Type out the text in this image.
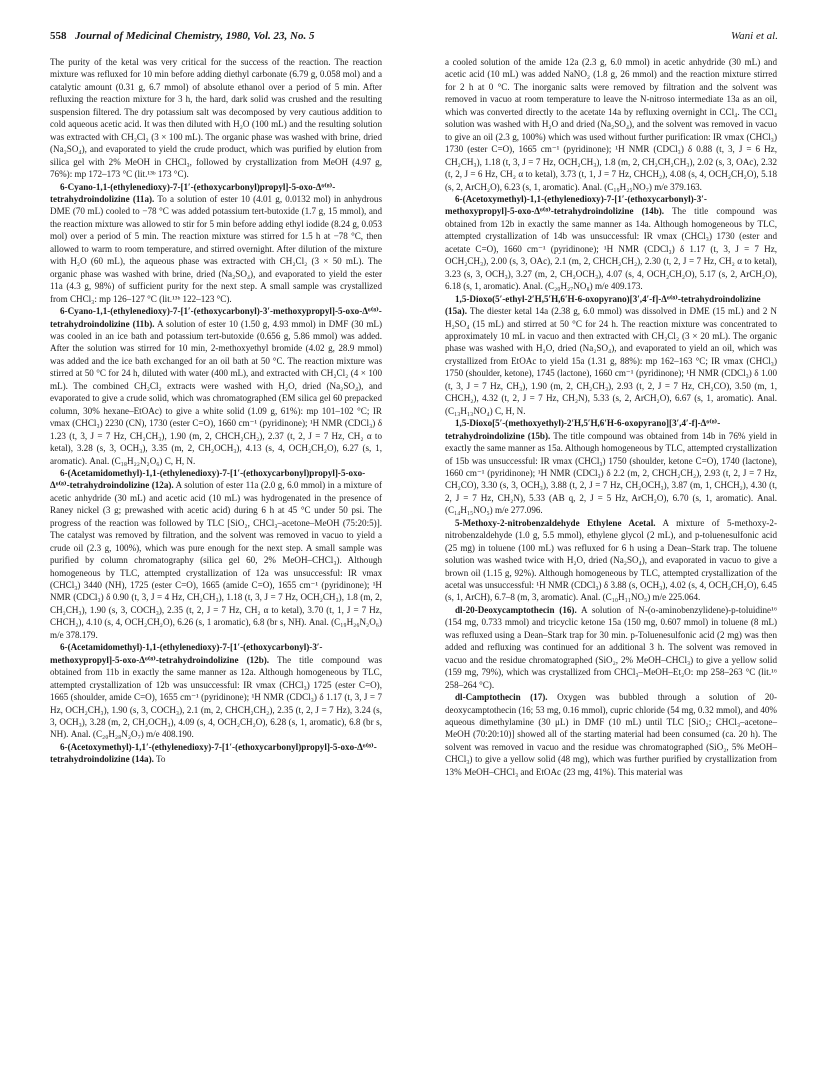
558 Journal of Medicinal Chemistry, 1980, Vol. 23, No. 5	Wani et al.

The purity of the ketal was very critical for the success of the reaction. The reaction mixture was refluxed for 10 min before adding diethyl carbonate (6.79 g, 0.058 mol) and a catalytic amount (0.31 g, 6.7 mmol) of absolute ethanol over a period of 5 min. After refluxing the reaction mixture for 3 h, the hard, dark solid was crushed and the resulting suspension filtered. The dry potassium salt was decomposed by very cautious addition to cold aqueous acetic acid. It was then diluted with H₂O (100 mL) and the resulting solution was extracted with CH₂Cl₂ (3 × 100 mL). The organic phase was washed with brine, dried (Na₂SO₄), and evaporated to yield the crude product, which was purified by elution from silica gel with 2% MeOH in CHCl₃, followed by crystallization from MeOH (4.97 g, 76%): mp 172–173 °C (lit.¹³ᵇ 173 °C).

6-Cyano-1,1-(ethylenedioxy)-7-[1′-(ethoxycarbonyl)propyl]-5-oxo-Δ⁶⁽⁸⁾-tetrahydroindolizine (11a). To a solution of ester 10 (4.01 g, 0.0132 mol) in anhydrous DME (70 mL) cooled to −78 °C was added potassium tert-butoxide (1.7 g, 15 mmol), and the reaction mixture was allowed to stir for 5 min before adding ethyl iodide (8.24 g, 0.053 mol) over a period of 5 min. The reaction mixture was stirred for 1.5 h at −78 °C, then allowed to warm to room temperature, and stirred overnight. After dilution of the mixture with H₂O (60 mL), the aqueous phase was extracted with CH₂Cl₂ (3 × 50 mL). The organic phase was washed with brine, dried (Na₂SO₄), and evaporated to yield the ester 11a (4.3 g, 98%) of sufficient purity for the next step. A small sample was crystallized from CHCl₃: mp 126–127 °C (lit.¹³ᵇ 122–123 °C).

6-Cyano-1,1-(ethylenedioxy)-7-[1′-(ethoxycarbonyl)-3′-methoxypropyl]-5-oxo-Δ⁶⁽⁸⁾-tetrahydroindolizine (11b). A solution of ester 10 (1.50 g, 4.93 mmol) in DMF (30 mL) was cooled in an ice bath and potassium tert-butoxide (0.656 g, 5.86 mmol) was added. After the solution was stirred for 10 min, 2-methoxyethyl bromide (4.02 g, 28.9 mmol) was added and the ice bath exchanged for an oil bath at 50 °C. The reaction mixture was stirred at 50 °C for 24 h, diluted with water (400 mL), and extracted with CH₂Cl₂ (4 × 100 mL). The combined CH₂Cl₂ extracts were washed with H₂O, dried (Na₂SO₄), and evaporated to give a crude solid, which was chromatographed (EM silica gel 60 prepacked column, 30% hexane–EtOAc) to give a white solid (1.09 g, 61%): mp 101–102 °C; IR νmax (CHCl₃) 2230 (CN), 1730 (ester C=O), 1660 cm⁻¹ (pyridinone); ¹H NMR (CDCl₃) δ 1.23 (t, 3, J = 7 Hz, CH₂CH₃), 1.90 (m, 2, CHCH₂CH₂), 2.37 (t, 2, J = 7 Hz, CH₂ α to ketal), 3.28 (s, 3, OCH₃), 3.35 (m, 2, CH₂OCH₃), 4.13 (s, 4, OCH₂CH₂O), 6.27 (s, 1, aromatic). Anal. (C₁₈H₂₂N₂O₆) C, H, N.

6-(Acetamidomethyl)-1,1-(ethylenedioxy)-7-[1′-(ethoxycarbonyl)propyl]-5-oxo-Δ⁶⁽⁸⁾-tetrahydroindolizine (12a). A solution of ester 11a (2.0 g, 6.0 mmol) in a mixture of acetic anhydride (30 mL) and acetic acid (10 mL) was hydrogenated in the presence of Raney nickel (3 g; prewashed with acetic acid) during 6 h at 45 °C under 50 psi. The progress of the reaction was followed by TLC [SiO₂, CHCl₃–acetone–MeOH (75:20:5)]. The catalyst was removed by filtration, and the solvent was removed in vacuo to yield a crude oil (2.3 g, 100%), which was pure enough for the next step. A small sample was purified by column chromatography (silica gel 60, 2% MeOH–CHCl₃). Although homogeneous by TLC, attempted crystallization of 12a was unsuccessful: IR νmax (CHCl₃) 3440 (NH), 1725 (ester C=O), 1665 (amide C=O), 1655 cm⁻¹ (pyridinone); ¹H NMR (CDCl₃) δ 0.90 (t, 3, J = 4 Hz, CH₂CH₃), 1.18 (t, 3, J = 7 Hz, OCH₂CH₃), 1.8 (m, 2, CH₂CH₃), 1.90 (s, 3, COCH₃), 2.35 (t, 2, J = 7 Hz, CH₂ α to ketal), 3.70 (t, 1, J = 7 Hz, CHCH₂), 4.10 (s, 4, OCH₂CH₂O), 6.26 (s, 1 aromatic), 6.8 (br s, NH). Anal. (C₁₉H₂₆N₂O₆) m/e 378.179.

6-(Acetamidomethyl)-1,1-(ethylenedioxy)-7-[1′-(ethoxycarbonyl)-3′-methoxypropyl]-5-oxo-Δ⁶⁽⁸⁾-tetrahydroindolizine (12b). The title compound was obtained from 11b in exactly the same manner as 12a. Although homogeneous by TLC, attempted crystallization of 12b was unsuccessful: IR νmax (CHCl₃) 1725 (ester C=O), 1665 (shoulder, amide C=O), 1655 cm⁻¹ (pyridinone); ¹H NMR (CDCl₃) δ 1.17 (t, 3, J = 7 Hz, OCH₂CH₃), 1.90 (s, 3, COCH₃), 2.1 (m, 2, CHCH₂CH₂), 2.35 (t, 2, J = 7 Hz), 3.24 (s, 3, OCH₃), 3.28 (m, 2, CH₂OCH₃), 4.09 (s, 4, OCH₂CH₂O), 6.28 (s, 1, aromatic), 6.8 (br s, NH). Anal. (C₂₀H₂₈N₂O₇) m/e 408.190.

6-(Acetoxymethyl)-1,1′-(ethylenedioxy)-7-[1′-(ethoxycarbonyl)propyl]-5-oxo-Δ⁶⁽⁸⁾-tetrahydroindolizine (14a). To

a cooled solution of the amide 12a (2.3 g, 6.0 mmol) in acetic anhydride (30 mL) and acetic acid (10 mL) was added NaNO₂ (1.8 g, 26 mmol) and the reaction mixture stirred for 2 h at 0 °C. The inorganic salts were removed by filtration and the solvent was removed in vacuo at room temperature to leave the N-nitroso intermediate 13a as an oil, which was converted directly to the acetate 14a by refluxing overnight in CCl₄. The CCl₄ solution was washed with H₂O and dried (Na₂SO₄), and the solvent was removed in vacuo to give an oil (2.3 g, 100%) which was used without further purification: IR νmax (CHCl₃) 1730 (ester C=O), 1665 cm⁻¹ (pyridinone); ¹H NMR (CDCl₃) δ 0.88 (t, 3, J = 6 Hz, CH₂CH₃), 1.18 (t, 3, J = 7 Hz, OCH₂CH₃), 1.8 (m, 2, CH₂CH₂CH₃), 2.02 (s, 3, OAc), 2.32 (t, 2, J = 6 Hz, CH₂ α to ketal), 3.73 (t, 1, J = 7 Hz, CHCH₂), 4.08 (s, 4, OCH₂CH₂O), 5.18 (s, 2, ArCH₂O), 6.23 (s, 1, aromatic). Anal. (C₁₉H₂₅NO₇) m/e 379.163.

6-(Acetoxymethyl)-1,1-(ethylenedioxy)-7-[1′-(ethoxycarbonyl)-3′-methoxypropyl]-5-oxo-Δ⁶⁽⁸⁾-tetrahydroindolizine (14b). The title compound was obtained from 12b in exactly the same manner as 14a. Although homogeneous by TLC, attempted crystallization of 14b was unsuccessful: IR νmax (CHCl₃) 1730 (ester and acetate C=O), 1660 cm⁻¹ (pyridinone); ¹H NMR (CDCl₃) δ 1.17 (t, 3, J = 7 Hz, OCH₂CH₃), 2.00 (s, 3, OAc), 2.1 (m, 2, CHCH₂CH₂), 2.30 (t, 2, J = 7 Hz, CH₂ α to ketal), 3.23 (s, 3, OCH₃), 3.27 (m, 2, CH₂OCH₃), 4.07 (s, 4, OCH₂CH₂O), 5.17 (s, 2, ArCH₂O), 6.18 (s, 1, aromatic). Anal. (C₂₀H₂₇NO₈) m/e 409.173.

1,5-Dioxo(5′-ethyl-2′H,5′H,6′H-6-oxopyrano)[3′,4′-f]-Δ⁶⁽⁸⁾-tetrahydroindolizine (15a). The diester ketal 14a (2.38 g, 6.0 mmol) was dissolved in DME (15 mL) and 2 N H₂SO₄ (15 mL) and stirred at 50 °C for 24 h. The reaction mixture was concentrated to approximately 10 mL in vacuo and then extracted with CH₂Cl₂ (3 × 20 mL). The organic phase was washed with H₂O, dried (Na₂SO₄), and evaporated to yield an oil, which was crystallized from EtOAc to yield 15a (1.31 g, 88%): mp 162–163 °C; IR νmax (CHCl₃) 1750 (shoulder, ketone), 1745 (lactone), 1660 cm⁻¹ (pyridinone); ¹H NMR (CDCl₃) δ 1.00 (t, 3, J = 7 Hz, CH₃), 1.90 (m, 2, CH₂CH₃), 2.93 (t, 2, J = 7 Hz, CH₂CO), 3.50 (m, 1, CHCH₂), 4.32 (t, 2, J = 7 Hz, CH₂N), 5.33 (s, 2, ArCH₂O), 6.67 (s, 1, aromatic). Anal. (C₁₃H₁₃NO₄) C, H, N.

1,5-Dioxo[5′-(methoxyethyl)-2′H,5′H,6′H-6-oxopyrano][3′,4′-f]-Δ⁶⁽⁸⁾-tetrahydroindolizine (15b). The title compound was obtained from 14b in 76% yield in exactly the same manner as 15a. Although homogeneous by TLC, attempted crystallization of 15b was unsuccessful: IR νmax (CHCl₃) 1750 (shoulder, ketone C=O), 1740 (lactone), 1660 cm⁻¹ (pyridinone); ¹H NMR (CDCl₃) δ 2.2 (m, 2, CHCH₂CH₂), 2.93 (t, 2, J = 7 Hz, CH₂CO), 3.30 (s, 3, OCH₃), 3.88 (t, 2, J = 7 Hz, CH₂OCH₃), 3.87 (m, 1, CHCH₂), 4.30 (t, 2, J = 7 Hz, CH₂N), 5.33 (AB q, 2, J = 5 Hz, ArCH₂O), 6.70 (s, 1, aromatic). Anal. (C₁₄H₁₅NO₅) m/e 277.096.

5-Methoxy-2-nitrobenzaldehyde Ethylene Acetal. A mixture of 5-methoxy-2-nitrobenzaldehyde (1.0 g, 5.5 mmol), ethylene glycol (2 mL), and p-toluenesulfonic acid (25 mg) in toluene (100 mL) was refluxed for 6 h using a Dean–Stark trap. The toluene solution was washed twice with H₂O, dried (Na₂SO₄), and evaporated in vacuo to give a brown oil (1.15 g, 92%). Although homogeneous by TLC, attempted crystallization of the acetal was unsuccessful: ¹H NMR (CDCl₃) δ 3.88 (s, OCH₃), 4.02 (s, 4, OCH₂CH₂O), 6.45 (s, 1, ArCH), 6.7–8 (m, 3, aromatic). Anal. (C₁₀H₁₁NO₅) m/e 225.064.

dl-20-Deoxycamptothecin (16). A solution of N-(o-aminobenzylidene)-p-toluidine¹⁶ (154 mg, 0.733 mmol) and tricyclic ketone 15a (150 mg, 0.607 mmol) in toluene (8 mL) was refluxed using a Dean–Stark trap for 30 min. p-Toluenesulfonic acid (2 mg) was then added and refluxing was continued for an additional 3 h. The solvent was removed in vacuo and the residue chromatographed (SiO₂, 2% MeOH–CHCl₃) to give a yellow solid (159 mg, 79%), which was crystallized from CHCl₃–MeOH–Et₂O: mp 258–263 °C (lit.¹⁶ 258–264 °C).

dl-Camptothecin (17). Oxygen was bubbled through a solution of 20-deoxycamptothecin (16; 53 mg, 0.16 mmol), cupric chloride (54 mg, 0.32 mmol), and 40% aqueous dimethylamine (30 μL) in DMF (10 mL) until TLC [SiO₂; CHCl₃–acetone–MeOH (70:20:10)] showed all of the starting material had been consumed (ca. 20 h). The solvent was removed in vacuo and the residue was chromatographed (SiO₂, 5% MeOH–CHCl₃) to give a yellow solid (48 mg), which was further purified by crystallization from 13% MeOH–CHCl₃ and EtOAc (23 mg, 41%). This material was
